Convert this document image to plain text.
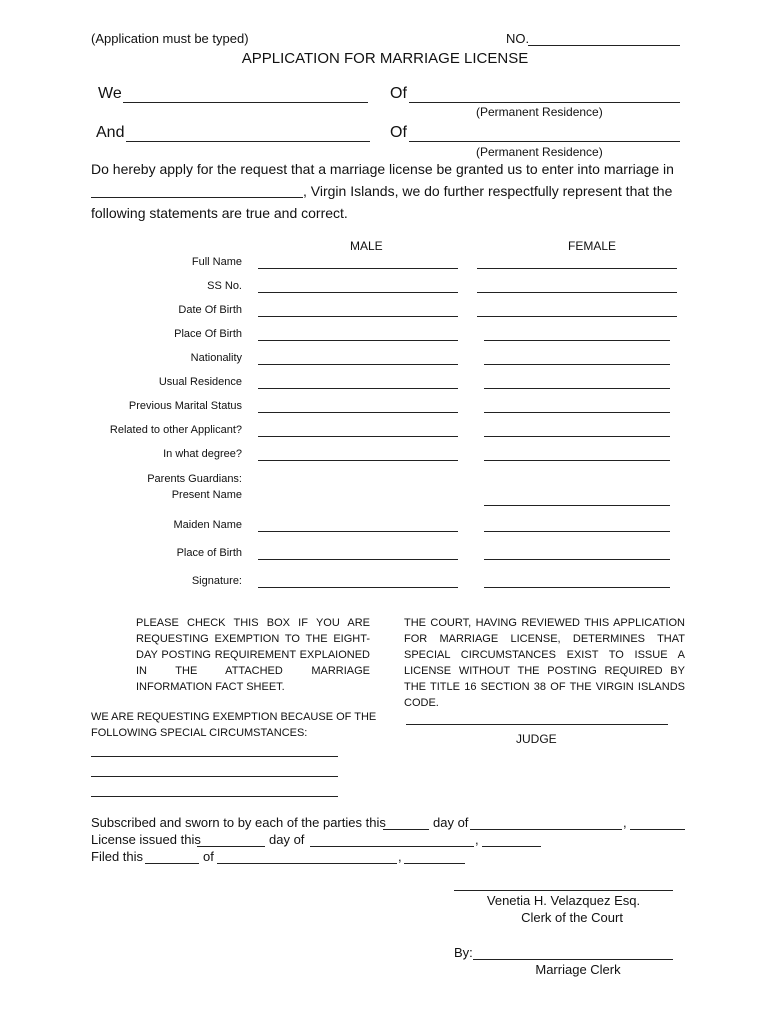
(Application must be typed)	NO.
APPLICATION FOR MARRIAGE LICENSE
We	Of
(Permanent Residence)
And	Of
(Permanent Residence)
Do hereby apply for the request that a marriage license be granted us to enter into marriage in
, Virgin Islands, we do further respectfully represent that the
following statements are true and correct.
MALE	FEMALE
Full Name
SS No.
Date Of Birth
Place Of Birth
Nationality
Usual Residence
Previous Marital Status
Related to other Applicant?
In what degree?
Parents Guardians:
Present Name
Maiden Name
Place of Birth
Signature:
PLEASE CHECK THIS BOX IF YOU ARE REQUESTING EXEMPTION TO THE EIGHT-DAY POSTING REQUIREMENT EXPLAIONED IN THE ATTACHED MARRIAGE INFORMATION FACT SHEET.
THE COURT, HAVING REVIEWED THIS APPLICATION FOR MARRIAGE LICENSE, DETERMINES THAT SPECIAL CIRCUMSTANCES EXIST TO ISSUE A LICENSE WITHOUT THE POSTING REQUIRED BY THE TITLE 16 SECTION 38 OF THE VIRGIN ISLANDS CODE.
WE ARE REQUESTING EXEMPTION BECAUSE OF THE
FOLLOWING SPECIAL CIRCUMSTANCES:	JUDGE
Subscribed and sworn to by each of the parties this	day of	,
License issued this	day of	,
Filed this	of	,
Venetia H. Velazquez Esq.
Clerk of the Court
By:
Marriage Clerk
